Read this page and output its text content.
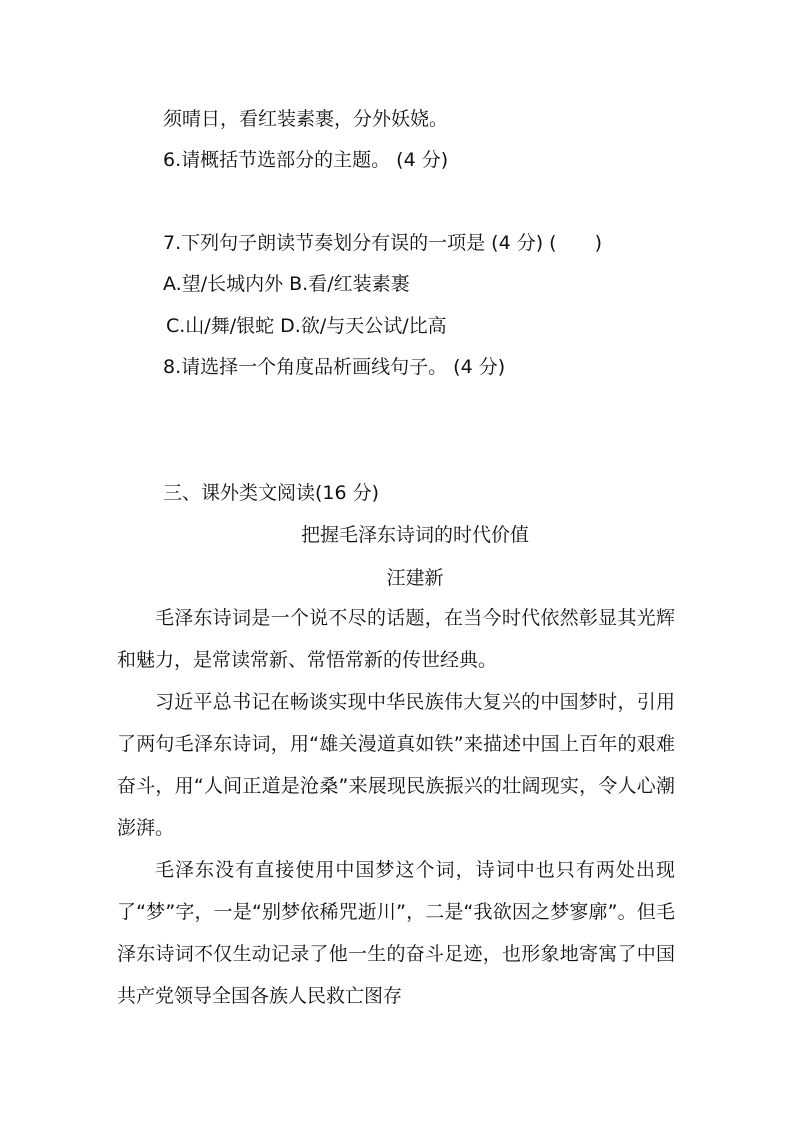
须晴日，看红装素裹，分外妖娆。
6.请概括节选部分的主题。 (4 分)
7.下列句子朗读节奏划分有误的一项是 (4 分) (　　)
A.望/长城内外 B.看/红装素裹
C.山/舞/银蛇 D.欲/与天公试/比高
8.请选择一个角度品析画线句子。 (4 分)
三、课外类文阅读(16 分)
把握毛泽东诗词的时代价值
汪建新

毛泽东诗词是一个说不尽的话题，在当今时代依然彰显其光辉和魅力，是常读常新、常悟常新的传世经典。

习近平总书记在畅谈实现中华民族伟大复兴的中国梦时，引用了两句毛泽东诗词，用“雄关漫道真如铁”来描述中国上百年的艰难奋斗，用“人间正道是沧桑”来展现民族振兴的壮阔现实，令人心潮澎湃。

毛泽东没有直接使用中国梦这个词，诗词中也只有两处出现了“梦”字，一是“别梦依稀咒逝川”，二是“我欲因之梦寥廓”。但毛泽东诗词不仅生动记录了他一生的奋斗足迹，也形象地寄寓了中国共产党领导全国各族人民救亡图存
